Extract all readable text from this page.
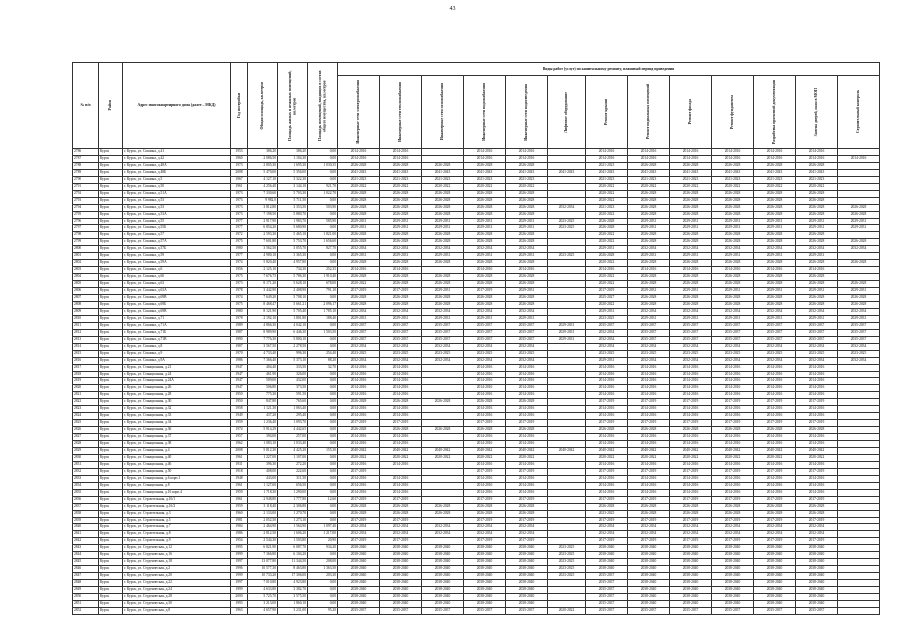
43
№ п/п	Район	Адрес многоквартирного дома (далее – МКД)	Год постройки	Общая площадь, кв.метров	Площадь жилых и нежилых помещений, кв.метров	Площадь помещений, входящих в состав общего имущества, кв.метров	Виды работ (услуг) по капитальному ремонту, плановый период проведения												

							Инженерные сети электроснабжения	Инженерные сети теплоснабжения	Инженерные сети газоснабжения	Инженерные сети водоснабжения	Инженерные сети водоотведения	Лифтовое оборудование	Ремонт крыши	Ремонт подвальных помещений	Ремонт фасада	Ремонт фундамента	Разработка проектной документации	Замена дверей, окон в МОП	Строительный контроль

2786	Курск	г. Курск, ул. Сокоина, д.41	1953	386,20	386,20	0,00	2014-2016	2014-2016		2014-2016	2014-2016		2014-2016	2014-2016	2014-2016	2014-2016	2014-2016	2014-2016	
2787	Курск	г. Курск, ул. Сокоина, д.42	1960	2 086,50	1 104,30	0,00	2014-2016	2014-2016		2014-2016	2014-2016		2014-2016	2014-2016	2014-2016	2014-2016	2014-2016	2014-2016	2014-2016
2788	Курск	г. Курск, ул. Сокоина, д.48А	1973	2 805,30	1 695,30	1 030,35	2026-2028	2026-2028	2026-2028	2026-2028	2026-2028		2021-2023	2026-2028	2026-2028	2026-2028	2026-2028	2026-2028	
2789	Курск	г. Курск, ул. Сокоина, д.48Б	2008	5 470,00	5 356,00	0,00	2041-2043	2041-2043	2041-2043	2041-2043	2041-2043	2041-2043	2041-2043	2041-2043	2041-2043	2041-2043	2041-2043	2041-2043	
2790	Курск	г. Курск, ул. Сокоина, д.5	1967	4 127,10	3 322,30	0,00	2021-2023	2021-2023	2021-2023	2021-2023	2021-2023		2021-2023	2021-2023	2021-2023	2021-2023	2021-2023	2021-2023	
2791	Курск	г. Курск, ул. Сокоина, д.50	1961	4 256,40	3 144,10	921,70	2020-2022	2020-2022	2020-2022	2020-2022	2020-2022		2020-2022	2020-2022	2020-2022	2020-2022	2020-2022	2020-2022	
2792	Курск	г. Курск, ул. Сокоина, д.51А	1973	7 330,60	5 703,30	1 022,70	2026-2028	2026-2028	2026-2028	2026-2028	2026-2028		2020-2022	2026-2028	2026-2028	2026-2028	2026-2028	2026-2028	
2793	Курск	г. Курск, ул. Сокоина, д.53	1973	9 982,0	5 711,50	0,00	2026-2028	2026-2028	2026-2028	2026-2028	2026-2028		2020-2022	2026-2028	2026-2028	2026-2028	2026-2028	2026-2028	
2794	Курск	г. Курск, ул. Сокоина, д.53	1973	3 812,80	3 353,50	503,90	2026-2028	2026-2028	2026-2028	2026-2028	2026-2028	2032-2034	2021-2023	2026-2028	2026-2028	2026-2028	2026-2028	2026-2028	2026-2028
2795	Курск	г. Курск, ул. Сокоина, д.53А	1973	7 198,50	5 880,70	0,00	2026-2028	2026-2028	2026-2028	2026-2028	2026-2028		2020-2022	2026-2028	2026-2028	2026-2028	2026-2028	2026-2028	2026-2028
2796	Курск	г. Курск, ул. Сокоина, д.55	1977	2 917,90	1 983,70	585,90	2029-2031	2029-2031	2029-2031	2029-2031	2029-2031	2023-2025	2026-2028	2029-2031	2029-2031	2029-2031	2029-2031	2029-2031	2029-2031
2797	Курск	г. Курск, ул. Сокоина, д.55Б	1977	6 854,20	5 680,90	0,00	2029-2031	2029-2031	2029-2031	2029-2031	2029-2031	2023-2025	2026-2028	2029-2031	2029-2031	2029-2031	2029-2031	2029-2031	2029-2031
2798	Курск	г. Курск, ул. Сокоина, д.57	1972	2 593,30	5 465,10	1 821,00	2026-2028	2026-2028	2026-2028	2026-2028	2026-2028		2020-2022	2026-2028	2026-2028	2026-2028	2026-2028	2026-2028	
2799	Курск	г. Курск, ул. Сокоина, д.57А	1975	7 601,80	5 753,70	1 656,60	2026-2028	2026-2028	2026-2028	2026-2028	2026-2028		2020-2022	2026-2028	2026-2028	2026-2028	2026-2028	2026-2028	2026-2028
2800	Курск	г. Курск, ул. Сокоина, д.57Б	1980	3 562,50	3 055,70	827,70	2032-2034	2032-2034	2032-2034	2032-2034	2032-2034		2029-2031	2032-2034	2032-2034	2032-2034	2032-2034	2032-2034	2032-2034
2801	Курск	г. Курск, ул. Сокоина, д.59	1977	4 980,10	3 365,30	0,00	2029-2031	2029-2031	2029-2031	2029-2031	2029-2031	2023-2025	2026-2028	2029-2031	2029-2031	2029-2031	2029-2031	2029-2031	
2802	Курск	г. Курск, ул. Сокоина, д.59А	1974	5 820,40	4 957,80	0,00	2026-2028	2026-2028	2026-2028	2026-2028	2026-2028		2020-2022	2026-2028	2026-2028	2026-2028	2026-2028	2026-2028	2026-2028
2803	Курск	г. Курск, ул. Сокоина, д.6	1956	2 125,10	734,30	252,35	2014-2016	2014-2016		2014-2016	2014-2016		2014-2016	2014-2016	2014-2016	2014-2016	2014-2016	2014-2016	
2804	Курск	г. Курск, ул. Сокоина, д.60	1975	7 676,75	5 786,30	1 910,40	2026-2028	2026-2028	2026-2028	2026-2028	2026-2028		2020-2022	2026-2028	2026-2028	2026-2028	2026-2028	2026-2028	
2805	Курск	г. Курск, ул. Сокоина, д.63	1973	8 171,20	5 628,10	678,00	2020-2022	2026-2028	2026-2028	2026-2028	2026-2028		2020-2022	2026-2028	2026-2028	2026-2028	2026-2028	2026-2028	2026-2028
2806	Курск	г. Курск, ул. Сокоина, д.63А	1978	3 442,90	2 408,90	791,10	2017-2019	2017-2019	2029-2031	2017-2019	2029-2031		2017-2019	2029-2031	2029-2031	2029-2031	2029-2031	2029-2031	2029-2031
2807	Курск	г. Курск, ул. Сокоина, д.69В	1974	7 649,20	5 708,10	0,00	2026-2028	2026-2028	2026-2028	2026-2028	2026-2028		2025-2027	2026-2028	2026-2028	2026-2028	2026-2028	2026-2028	2026-2028
2808	Курск	г. Курск, ул. Сокоина, д.69Б	1975	8 468,47	5 661,21	2 096,17	2026-2028	2026-2028	2026-2028	2026-2028	2026-2028		2020-2022	2026-2028	2026-2028	2026-2028	2026-2028	2026-2028	2026-2028
2809	Курск	г. Курск, ул. Сокоина, д.69В	1980	8 121,90	5 705,40	1 785,10	2032-2034	2032-2034	2032-2034	2032-2034	2032-2034		2029-2031	2032-2034	2032-2034	2032-2034	2032-2034	2032-2034	2032-2034
2810	Курск	г. Курск, ул. Сокоина, д.71	1978	2 192,10	1 801,80	188,40	2029-2031	2029-2031	2029-2031	2029-2031	2029-2031		2023-2025	2029-2031	2029-2031	2029-2031	2029-2031	2029-2031	2029-2031
2811	Курск	г. Курск, ул. Сокоина, д.71А	1989	4 866,30	4 042,10	0,00	2035-2037	2035-2037	2035-2037	2035-2037	2035-2037	2029-2031	2035-2037	2035-2037	2035-2037	2035-2037	2035-2037	2035-2037	2035-2037
2812	Курск	г. Курск, ул. Сокоина, д.71Б	1987	8 989,90	6 446,30	1 503,50	2035-2037	2035-2037	2035-2037	2035-2037	2035-2037	2029-2031	2032-2034	2035-2037	2035-2037	2035-2037	2035-2037	2035-2037	2035-2037
2813	Курск	г. Курск, ул. Сокоина, д.71В	1990	7 776,30	5 800,10	0,00	2035-2037	2035-2037	2035-2037	2035-2037	2035-2037	2029-2031	2032-2034	2035-2037	2035-2037	2035-2037	2035-2037	2035-2037	2035-2037
2814	Курск	г. Курск, ул. Сокоина, д.8	1987	3 567,50	2 278,50	0,00	2032-2034	2032-2034	2032-2034	2032-2034	2032-2034		2032-2034	2032-2034	2032-2034	2032-2034	2032-2034	2032-2034	2032-2034
2815	Курск	г. Курск, ул. Сокоина, д.9	1970	4 733,40	996,30	254,40	2023-2025	2023-2025	2023-2025	2023-2025	2023-2025		2023-2025	2023-2025	2023-2025	2023-2025	2023-2025	2023-2025	2023-2025
2816	Курск	г. Курск, ул. Сокоина, д.9А	1986	7 366,40	5 373,10	88,20	2032-2034	2032-2034	2032-2034	2032-2034	2032-2034		2029-2031	2032-2034	2032-2034	2032-2034	2032-2034	2032-2034	2032-2034
2817	Курск	г. Курск, ул. Станционная, д.21	1947	404,40	333,50	32,70	2014-2016	2014-2016		2014-2016	2014-2016		2014-2016	2014-2016	2014-2016	2014-2016	2014-2016	2014-2016	
2818	Курск	г. Курск, ул. Станционная, д.24	1947	461,90	326,00	0,00	2014-2016	2014-2016		2014-2016	2014-2016		2014-2016	2014-2016	2014-2016	2014-2016	2014-2016	2014-2016	
2819	Курск	г. Курск, ул. Станционная, д.24А	1947	509,00	432,00	0,00	2014-2016	2014-2016		2014-2016	2014-2016		2014-2016	2014-2016	2014-2016	2014-2016	2014-2016	2014-2016	
2820	Курск	г. Курск, ул. Станционная, д.26	1947	506,80	373,50	0,00	2014-2016	2014-2016		2014-2016	2014-2016		2014-2016	2014-2016	2014-2016	2014-2016	2014-2016	2014-2016	
2821	Курск	г. Курск, ул. Станционная, д.28	1950	775,30	591,50	0,00	2014-2016	2014-2016		2014-2016	2014-2016		2014-2016	2014-2016	2014-2016	2014-2016	2014-2016	2014-2016	
2822	Курск	г. Курск, ул. Станционная, д.30	1950	847,80	765,60	0,00	2026-2028	2026-2028	2026-2028	2026-2028	2026-2028		2017-2019	2017-2019	2017-2019	2017-2019	2017-2019	2017-2019	
2823	Курск	г. Курск, ул. Станционная, д.32	1958	1 121,30	1 063,40	0,00	2014-2016	2014-2016		2014-2016	2014-2016		2014-2016	2014-2016	2014-2016	2014-2016	2014-2016	2014-2016	
2824	Курск	г. Курск, ул. Станционная, д.33	1949	437,20	295,40	0,00	2014-2016	2014-2016		2014-2016	2014-2016		2014-2016	2014-2016	2014-2016	2014-2016	2014-2016	2014-2016	
2825	Курск	г. Курск, ул. Станционная, д.34	1959	1 236,40	1 093,70	0,00	2017-2019	2017-2019		2017-2019	2017-2019		2017-2019	2017-2019	2017-2019	2017-2019	2017-2019	2017-2019	
2826	Курск	г. Курск, ул. Станционная, д.36	1974	5 914,29	4 442,65	0,00	2026-2028	2026-2028	2026-2028	2026-2028	2026-2028		2026-2028	2026-2028	2026-2028	2026-2028	2026-2028	2026-2028	
2827	Курск	г. Курск, ул. Станционная, д.37	1957	394,00	257,00	0,00	2014-2016	2014-2016		2014-2016	2014-2016		2014-2016	2014-2016	2014-2016	2014-2016	2014-2016	2014-2016	
2828	Курск	г. Курск, ул. Станционная, д.38	1962	1 083,10	1 033,40	0,00	2014-2016	2014-2016		2014-2016	2014-2016		2014-2016	2014-2016	2014-2016	2014-2016	2014-2016	2014-2016	
2829	Курск	г. Курск, ул. Станционная, д.4	2008	5 812,30	4 425,20	155,30	2040-2042	2040-2042	2040-2042	2040-2042	2040-2042	2040-2042	2040-2042	2040-2042	2040-2042	2040-2042	2040-2042	2040-2042	
2830	Курск	г. Курск, ул. Станционная, д.40	1961	1 227,00	1 107,00	0,00	2020-2022	2020-2022	2020-2022	2020-2022	2020-2022		2020-2022	2020-2022	2020-2022	2020-2022	2020-2022	2020-2022	
2831	Курск	г. Курск, ул. Станционная, д.46	1931	396,30	272,20	0,00	2014-2016	2014-2016		2014-2016	2014-2016		2014-2016	2014-2016	2014-2016	2014-2016	2014-2016	2014-2016	
2832	Курск	г. Курск, ул. Станционная, д.50	1918	408,00	222,60	0,00	2017-2019			2017-2019	2017-2019		2017-2019	2017-2019	2017-2019	2017-2019	2017-2019	2017-2019	
2833	Курск	г. Курск, ул. Станционная, д.6 корп.1	1948	443,00	311,50	0,00	2014-2016	2014-2016		2014-2016	2014-2016		2014-2016	2014-2016	2014-2016	2014-2016	2014-2016	2014-2016	
2834	Курск	г. Курск, ул. Станционная, д.8	1961	1 127,00	656,50	0,00	2014-2016	2014-2016		2014-2016	2014-2016		2014-2016	2014-2016	2014-2016	2014-2016	2014-2016	2014-2016	
2835	Курск	г. Курск, ул. Станционная, д.16 корп.4	1959	1 718,30	1 290,00	0,00	2014-2016	2014-2016		2014-2016	2014-2016		2014-2016	2014-2016	2014-2016	2014-2016	2014-2016	2014-2016	
2836	Курск	г. Курск, ул. Строительная, д.16/1	1961	2 948,80	1 777,80	12,60	2017-2019	2017-2019		2017-2019	2017-2019		2017-2019	2017-2019	2017-2019	2017-2019	2017-2019	2017-2019	
2837	Курск	г. Курск, ул. Строительная, д.16/2	1959	3 118,40	2 306,80	0,00	2026-2028	2026-2028	2026-2028	2026-2028	2026-2028		2026-2028	2026-2028	2026-2028	2026-2028	2026-2028	2026-2028	
2838	Курск	г. Курск, ул. Строительная, д.3	1960	2 133,00	1 270,70	0,00	2026-2028	2026-2028	2026-2028	2026-2028	2026-2028		2023-2025	2026-2028	2026-2028	2026-2028	2026-2028	2026-2028	
2839	Курск	г. Курск, ул. Строительная, д.5	1981	2 052,50	1 273,10	0,00	2017-2019	2017-2019		2017-2019	2017-2019		2017-2019	2017-2019	2017-2019	2017-2019	2017-2019	2017-2019	
2840	Курск	г. Курск, ул. Строительная, д.7	1984	2 464,90	1 564,90	1 097,40	2032-2034	2032-2034	2032-2034	2032-2034	2032-2034		2032-2034	2032-2034	2032-2034	2032-2034	2032-2034	2032-2034	
2841	Курск	г. Курск, ул. Строительная, д.8	1986	2 812,50	1 606,20	1 217,00	2032-2034	2032-2034	2032-2034	2032-2034	2032-2034		2032-2034	2032-2034	2032-2034	2032-2034	2032-2034	2032-2034	
2842	Курск	г. Курск, ул. Строительная, д.9	1954	2 544,30	1 503,80	20,90	2017-2019	2017-2019		2017-2019	2017-2019		2017-2019	2017-2019	2017-2019	2017-2019	2017-2019	2017-2019	
2843	Курск	г. Курск, ул. Студенческая, д.12	1995	6 821,90	6 087,70	934,20	2038-2040	2038-2040	2038-2040	2038-2040	2038-2040	2023-2025	2038-2040	2038-2040	2038-2040	2038-2040	2038-2040	2038-2040	
2844	Курск	г. Курск, ул. Студенческая, д.16	1999	7 366,80	6 104,20	0,00	2038-2040	2038-2040	2038-2040	2038-2040	2038-2040	2023-2025	2038-2040	2038-2040	2038-2040	2038-2040	2038-2040	2038-2040	
2845	Курск	г. Курск, ул. Студенческая, д.18	1997	13 077,80	11 344,50	208,00	2038-2040	2038-2040	2038-2040	2038-2040	2038-2040	2023-2025	2038-2040	2038-2040	2038-2040	2038-2040	2038-2040	2038-2040	
2846	Курск	г. Курск, ул. Студенческая, д.2	1996	10 577,30	8 463,80	1 363,50	2038-2040	2038-2040	2038-2040	2038-2040	2038-2040	2023-2025	2038-2040	2038-2040	2038-2040	2038-2040	2038-2040	2038-2040	
2847	Курск	г. Курск, ул. Студенческая, д.20	1999	10 733,20	17 306,00	203,30	2038-2040	2038-2040	2038-2040	2038-2040	2038-2040	2023-2025	2035-2037	2038-2040	2038-2040	2038-2040	2038-2040	2038-2040	
2848	Курск	г. Курск, ул. Студенческая, д.22	1997	7 010,80	4 923,80	0,00	2038-2040	2038-2040	2038-2040	2038-2040	2038-2040		2035-2037	2038-2040	2038-2040	2038-2040	2038-2040	2038-2040	
2849	Курск	г. Курск, ул. Студенческая, д.24	1999	4 633,80	3 382,70	0,00	2038-2040	2038-2040	2038-2040	2038-2040	2038-2040		2035-2037	2038-2040	2038-2040	2038-2040	2038-2040	2038-2040	
2850	Курск	г. Курск, ул. Студенческая, д.28	2000	5 725,70	3 575,50	0,00	2038-2040	2038-2040	2038-2040	2038-2040	2038-2040		2035-2037	2038-2040	2038-2040	2038-2040	2038-2040	2038-2040	
2851	Курск	г. Курск, ул. Студенческая, д.30	1993	3 213,00	1 860,10	0,00	2038-2040	2038-2040	2038-2040	2038-2040	2038-2040		2035-2037	2038-2040	2038-2040	2038-2040	2038-2040	2038-2040	
2852	Курск	г. Курск, ул. Студенческая, д.8	1963	4 657,90	3 231,00	95,20	2035-2037	2035-2037	2035-2037	2035-2037	2035-2037	2020-2022	2035-2037	2035-2037	2035-2037	2035-2037	2035-2037	2035-2037	
